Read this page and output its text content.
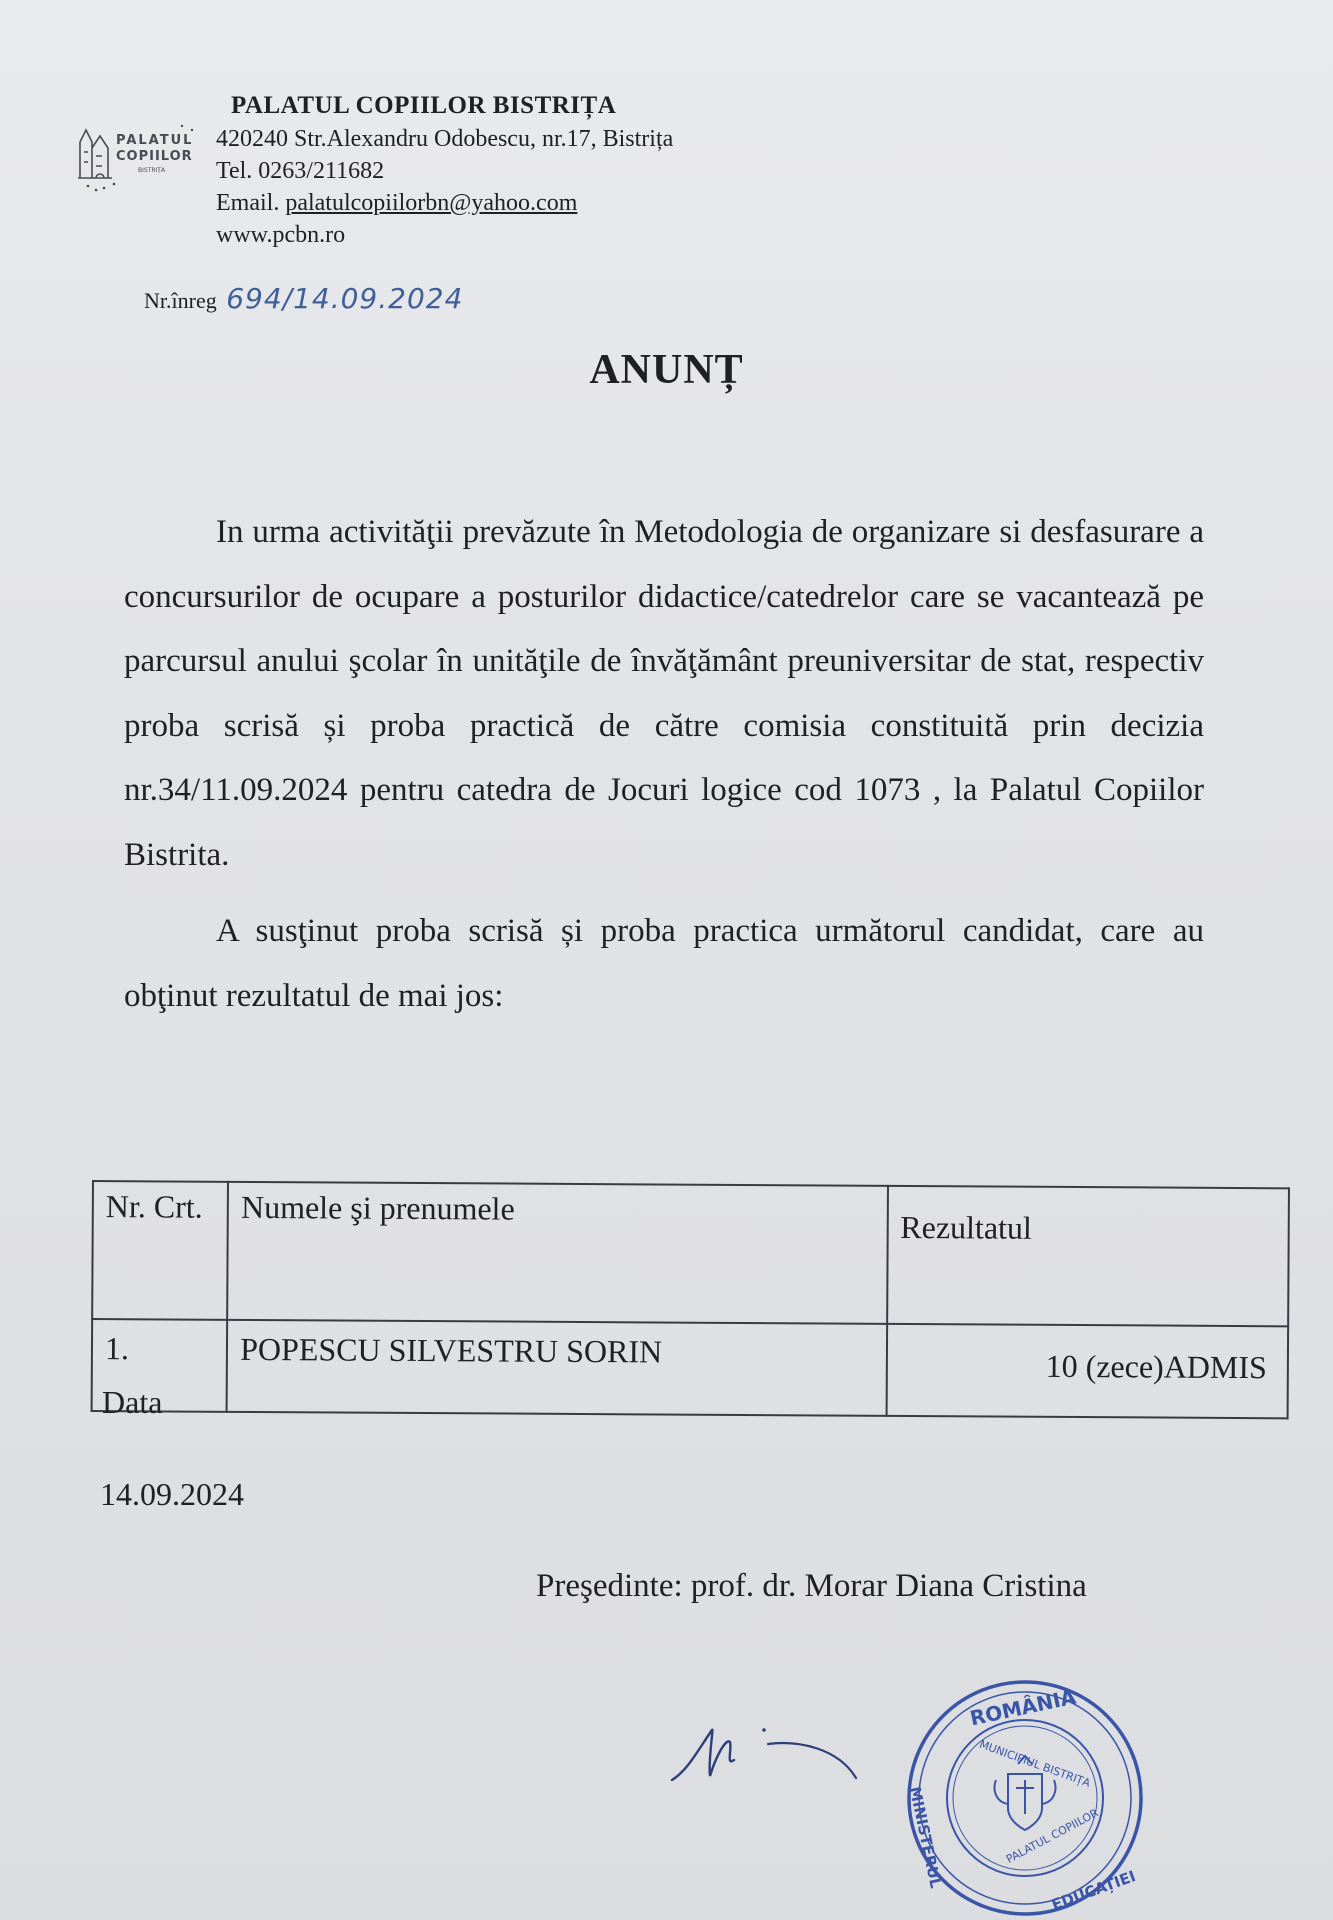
PALATUL
COPIILOR
BISTRIȚA
PALATUL COPIILOR BISTRIȚA
420240 Str.Alexandru Odobescu, nr.17, Bistrița
Tel. 0263/211682
Email. palatulcopiilorbn@yahoo.com
www.pcbn.ro
Nr.înreg 694/14.09.2024
ANUNȚ

In urma activităţii prevăzute în Metodologia de organizare si desfasurare a concursurilor de ocupare a posturilor didactice/catedrelor care se vacantează pe parcursul anului şcolar în unităţile de învăţământ preuniversitar de stat, respectiv proba scrisă și proba practică de către comisia constituită prin decizia nr.34/11.09.2024 pentru catedra de Jocuri logice cod 1073 , la Palatul Copiilor Bistrita.

A susţinut proba scrisă și proba practica următorul candidat, care au obţinut rezultatul de mai jos:

Nr. Crt.	Numele şi prenumele	Rezultatul
1.	POPESCU SILVESTRU SORIN	10 (zece)ADMIS
Data
14.09.2024
Preşedinte: prof. dr. Morar Diana Cristina
ROMÂNIA
MINISTERUL
EDUCAȚIEI
PALATUL COPIILOR
MUNICIPIUL BISTRIȚA
